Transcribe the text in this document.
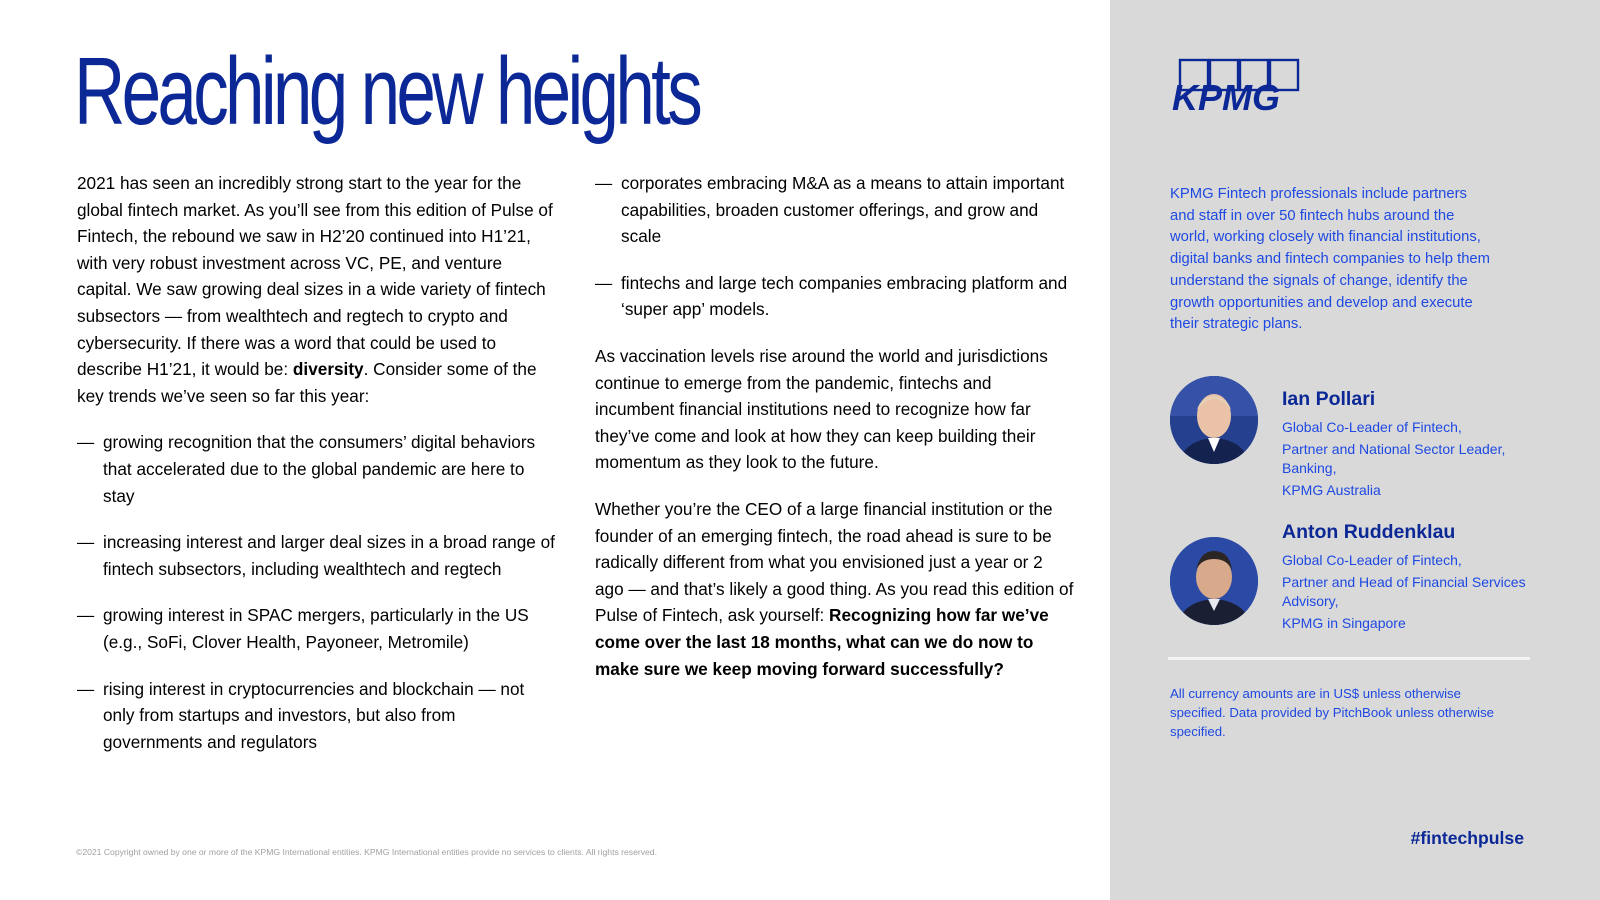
Reaching new heights

2021 has seen an incredibly strong start to the year for the global fintech market. As you’ll see from this edition of Pulse of Fintech, the rebound we saw in H2’20 continued into H1’21, with very robust investment across VC, PE, and venture capital. We saw growing deal sizes in a wide variety of fintech subsectors — from wealthtech and regtech to crypto and cybersecurity. If there was a word that could be used to describe H1’21, it would be: diversity. Consider some of the key trends we’ve seen so far this year:

— growing recognition that the consumers’ digital behaviors that accelerated due to the global pandemic are here to stay
— increasing interest and larger deal sizes in a broad range of fintech subsectors, including wealthtech and regtech
— growing interest in SPAC mergers, particularly in the US (e.g., SoFi, Clover Health, Payoneer, Metromile)
— rising interest in cryptocurrencies and blockchain — not only from startups and investors, but also from governments and regulators
— corporates embracing M&A as a means to attain important capabilities, broaden customer offerings, and grow and scale
— fintechs and large tech companies embracing platform and ‘super app’ models.

As vaccination levels rise around the world and jurisdictions continue to emerge from the pandemic, fintechs and incumbent financial institutions need to recognize how far they’ve come and look at how they can keep building their momentum as they look to the future.

Whether you’re the CEO of a large financial institution or the founder of an emerging fintech, the road ahead is sure to be radically different from what you envisioned just a year or 2 ago — and that’s likely a good thing. As you read this edition of Pulse of Fintech, ask yourself: Recognizing how far we’ve come over the last 18 months, what can we do now to make sure we keep moving forward successfully?

©2021 Copyright owned by one or more of the KPMG International entities. KPMG International entities provide no services to clients. All rights reserved.
KPMG
KPMG Fintech professionals include partners and staff in over 50 fintech hubs around the world, working closely with financial institutions, digital banks and fintech companies to help them understand the signals of change, identify the growth opportunities and develop and execute their strategic plans.
Ian Pollari
Global Co-Leader of Fintech,
Partner and National Sector Leader, Banking,
KPMG Australia
Anton Ruddenklau
Global Co-Leader of Fintech,
Partner and Head of Financial Services Advisory,
KPMG in Singapore
All currency amounts are in US$ unless otherwise specified. Data provided by PitchBook unless otherwise specified.
#fintechpulse
